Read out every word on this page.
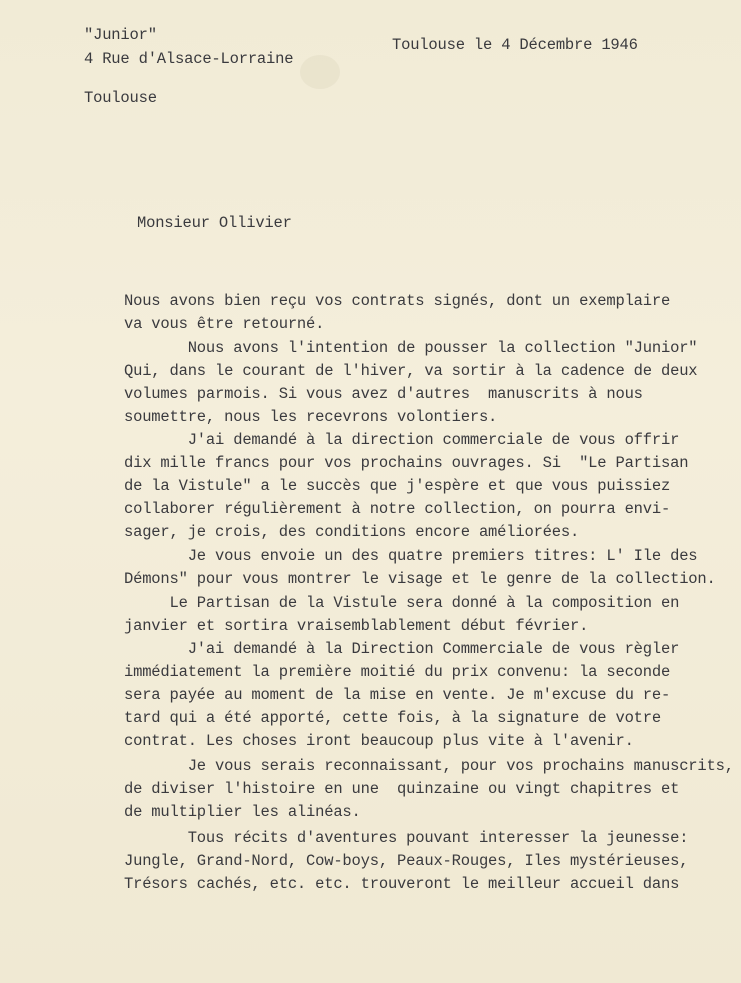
"Junior"
4 Rue d'Alsace-Lorraine
Toulouse
Toulouse le 4 Décembre 1946
Monsieur Ollivier
Nous avons bien reçu vos contrats signés, dont un exemplaire
va vous être retourné.
Nous avons l'intention de pousser la collection "Junior"
Qui, dans le courant de l'hiver, va sortir à la cadence de deux
volumes parmois. Si vous avez d'autres  manuscrits à nous
soumettre, nous les recevrons volontiers.
J'ai demandé à la direction commerciale de vous offrir
dix mille francs pour vos prochains ouvrages. Si  "Le Partisan
de la Vistule" a le succès que j'espère et que vous puissiez
collaborer régulièrement à notre collection, on pourra envi-
sager, je crois, des conditions encore améliorées.
Je vous envoie un des quatre premiers titres: L' Ile des
Démons" pour vous montrer le visage et le genre de la collection.
Le Partisan de la Vistule sera donné à la composition en
janvier et sortira vraisemblablement début février.
J'ai demandé à la Direction Commerciale de vous règler
immédiatement la première moitié du prix convenu: la seconde
sera payée au moment de la mise en vente. Je m'excuse du re-
tard qui a été apporté, cette fois, à la signature de votre
contrat. Les choses iront beaucoup plus vite à l'avenir.
Je vous serais reconnaissant, pour vos prochains manuscrits,
de diviser l'histoire en une  quinzaine ou vingt chapitres et
de multiplier les alinéas.
Tous récits d'aventures pouvant interesser la jeunesse:
Jungle, Grand-Nord, Cow-boys, Peaux-Rouges, Iles mystérieuses,
Trésors cachés, etc. etc. trouveront le meilleur accueil dans
